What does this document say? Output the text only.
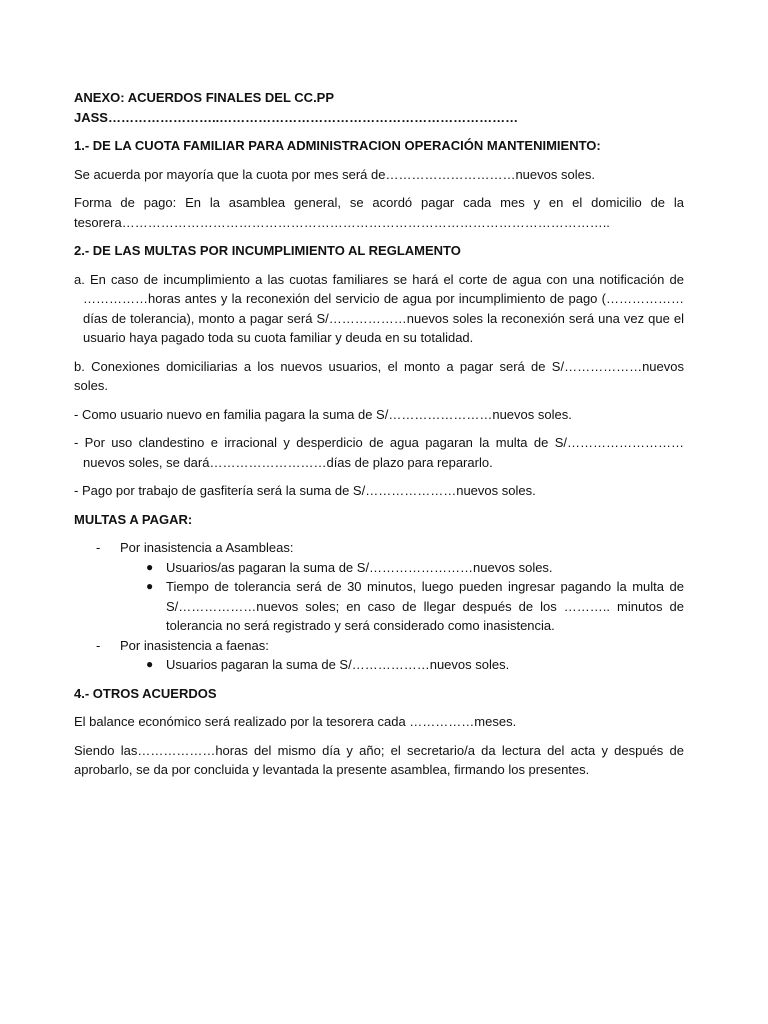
ANEXO: ACUERDOS FINALES DEL CC.PP JASS……………………..……………………………………………………………

1.- DE LA CUOTA FAMILIAR PARA ADMINISTRACION OPERACIÓN MANTENIMIENTO:

Se acuerda por mayoría que la cuota por mes será de…………………………nuevos soles.

Forma de pago: En la asamblea general, se acordó pagar cada mes y en el domicilio de la tesorera…………………………………………………………………………………………………..

2.- DE LAS MULTAS POR INCUMPLIMIENTO AL REGLAMENTO

a. En caso de incumplimiento a las cuotas familiares se hará el corte de agua con una notificación de ……………horas antes y la reconexión del servicio de agua por incumplimiento de pago (………………días de tolerancia), monto a pagar será S/………………nuevos soles la reconexión será una vez que el usuario haya pagado toda su cuota familiar y deuda en su totalidad.

b. Conexiones domiciliarias a los nuevos usuarios, el monto a pagar será de S/………………nuevos soles.

- Como usuario nuevo en familia pagara la suma de S/……………………nuevos soles.

- Por uso clandestino e irracional y desperdicio de agua pagaran la multa de S/……………………… nuevos soles, se dará………………………días de plazo para repararlo.

- Pago por trabajo de gasfitería será la suma de S/…………………nuevos soles.

MULTAS A PAGAR:

- Por inasistencia a Asambleas:
● Usuarios/as pagaran la suma de S/……………………nuevos soles.
● Tiempo de tolerancia será de 30 minutos, luego pueden ingresar pagando la multa de S/………………nuevos soles; en caso de llegar después de los ……….. minutos de tolerancia no será registrado y será considerado como inasistencia.
- Por inasistencia a faenas:
● Usuarios pagaran la suma de S/………………nuevos soles.

4.- OTROS ACUERDOS

El balance económico será realizado por la tesorera cada ……………meses.

Siendo las………………horas del mismo día y año; el secretario/a da lectura del acta y después de aprobarlo, se da por concluida y levantada la presente asamblea, firmando los presentes.
